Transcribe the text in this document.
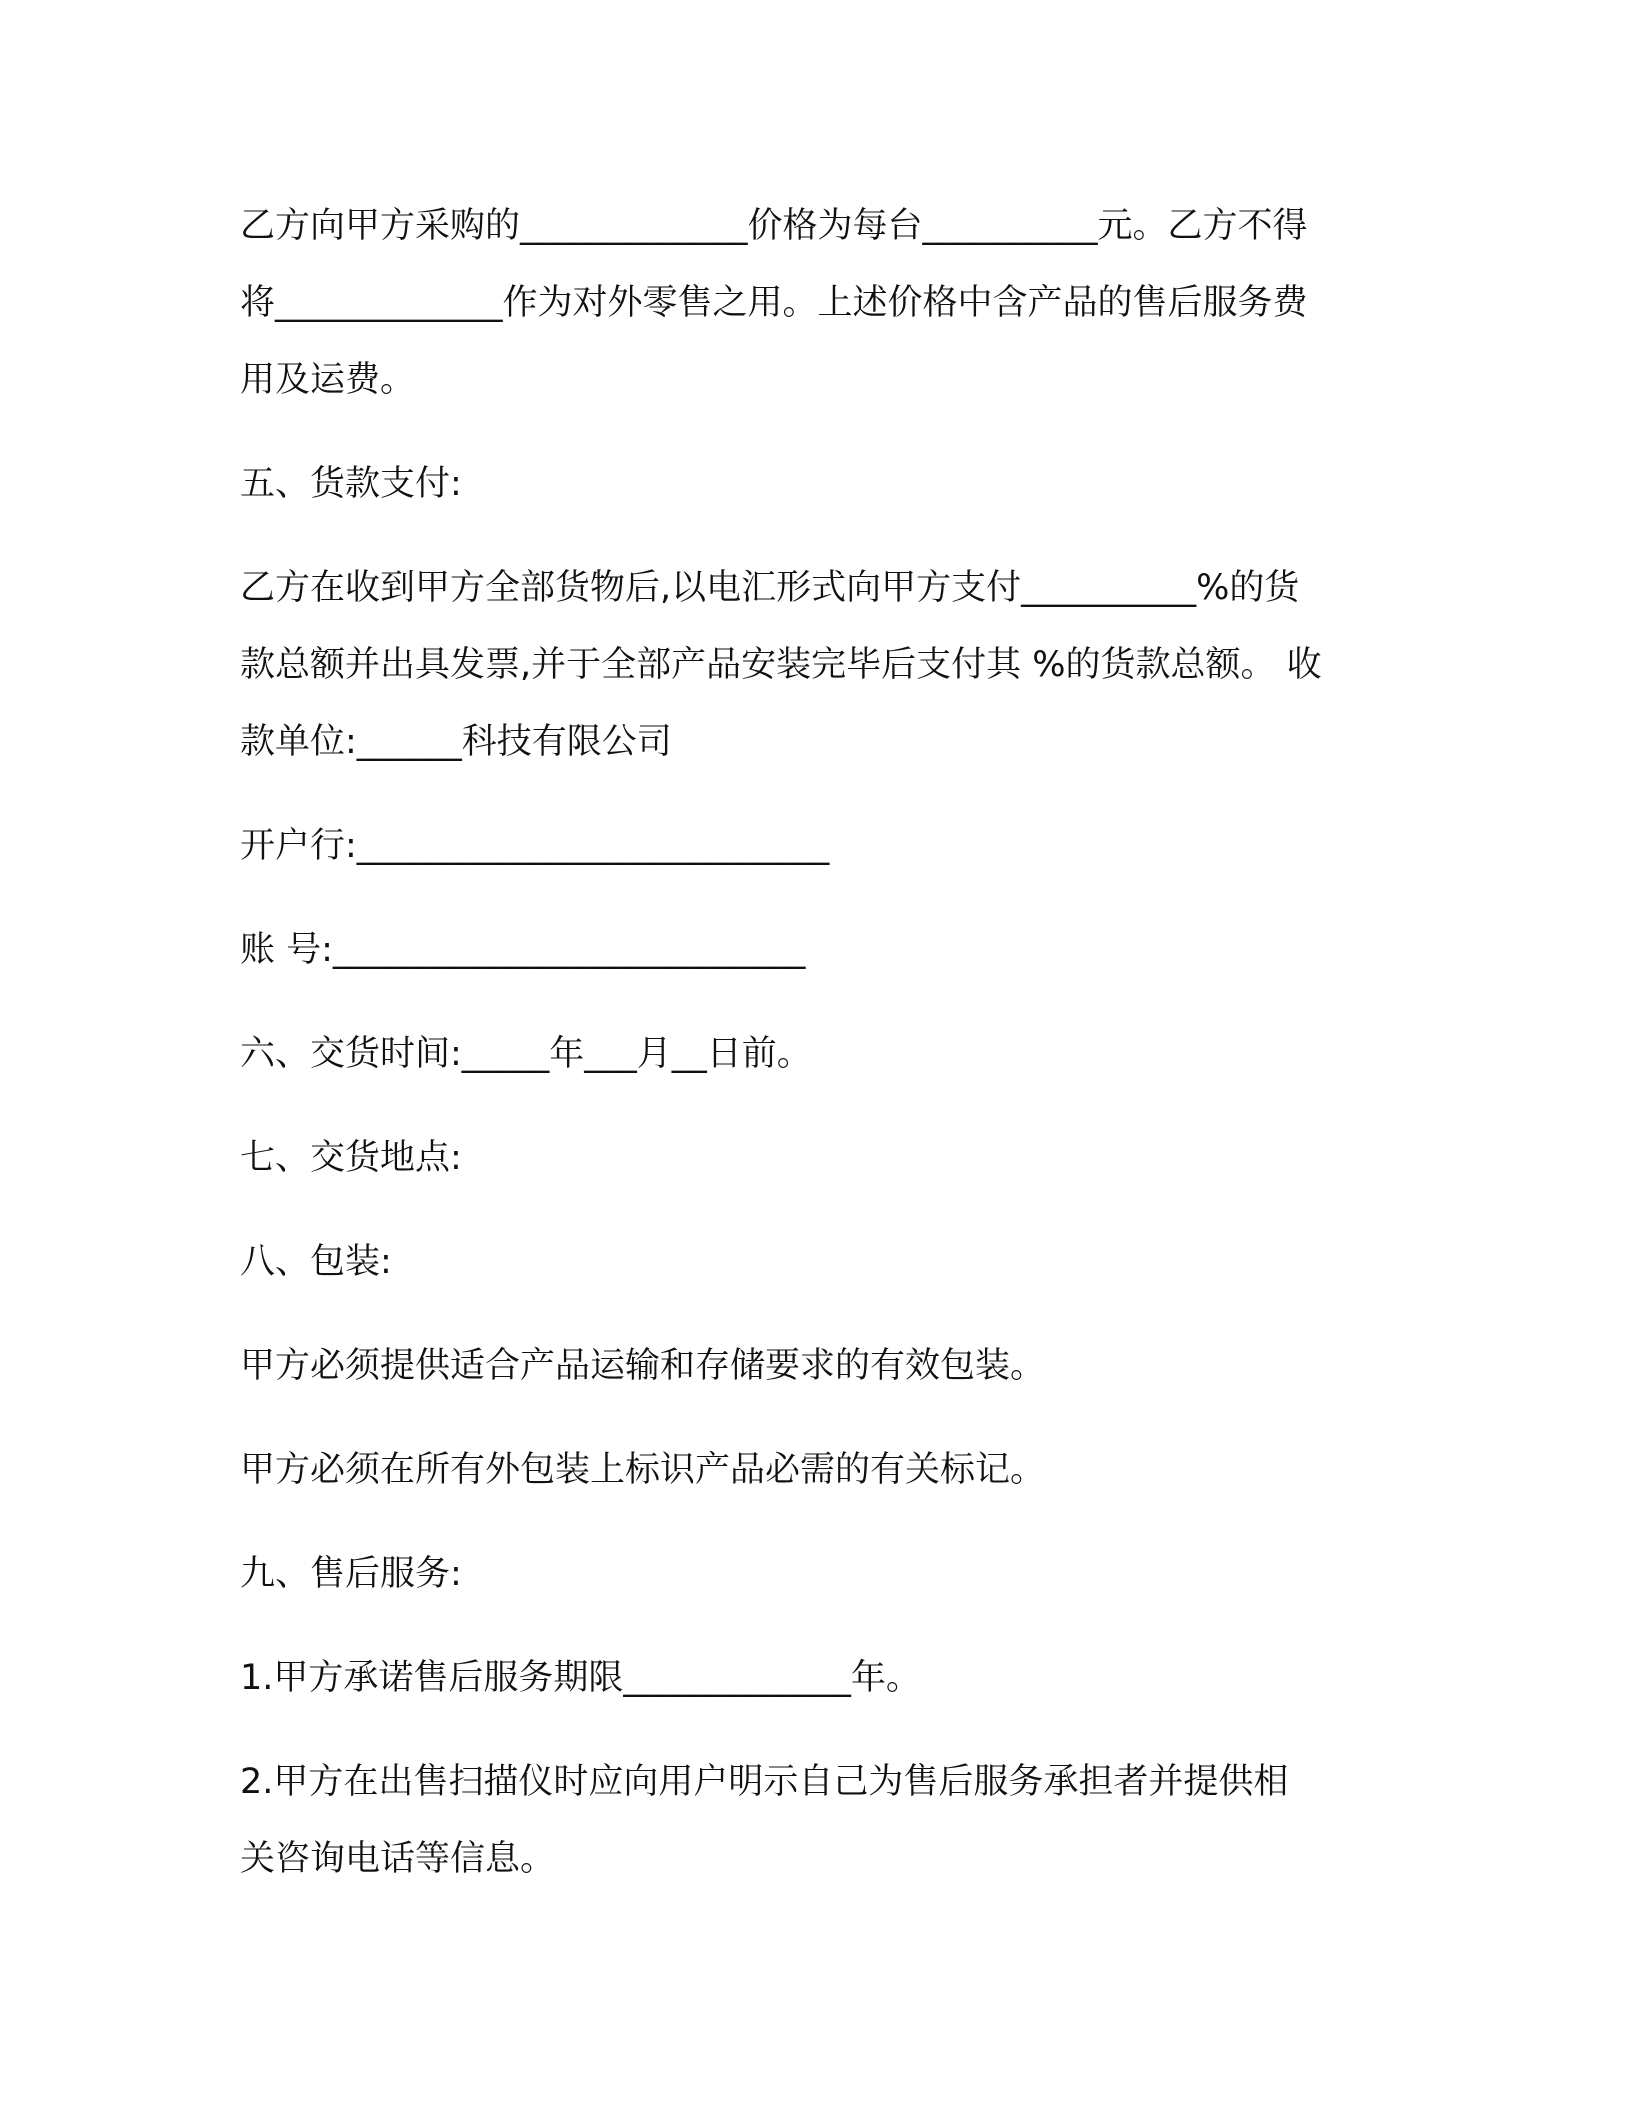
乙方向甲方采购的_____________价格为每台__________元。乙方不得
将_____________作为对外零售之用。上述价格中含产品的售后服务费
用及运费。

五、货款支付:

乙方在收到甲方全部货物后,以电汇形式向甲方支付__________%的货
款总额并出具发票,并于全部产品安装完毕后支付其 %的货款总额。 收
款单位:______科技有限公司

开户行:___________________________

账 号:___________________________

六、交货时间:_____年___月__日前。

七、交货地点:

八、包装:

甲方必须提供适合产品运输和存储要求的有效包装。

甲方必须在所有外包装上标识产品必需的有关标记。

九、售后服务:

1.甲方承诺售后服务期限_____________年。

2.甲方在出售扫描仪时应向用户明示自己为售后服务承担者并提供相
关咨询电话等信息。
